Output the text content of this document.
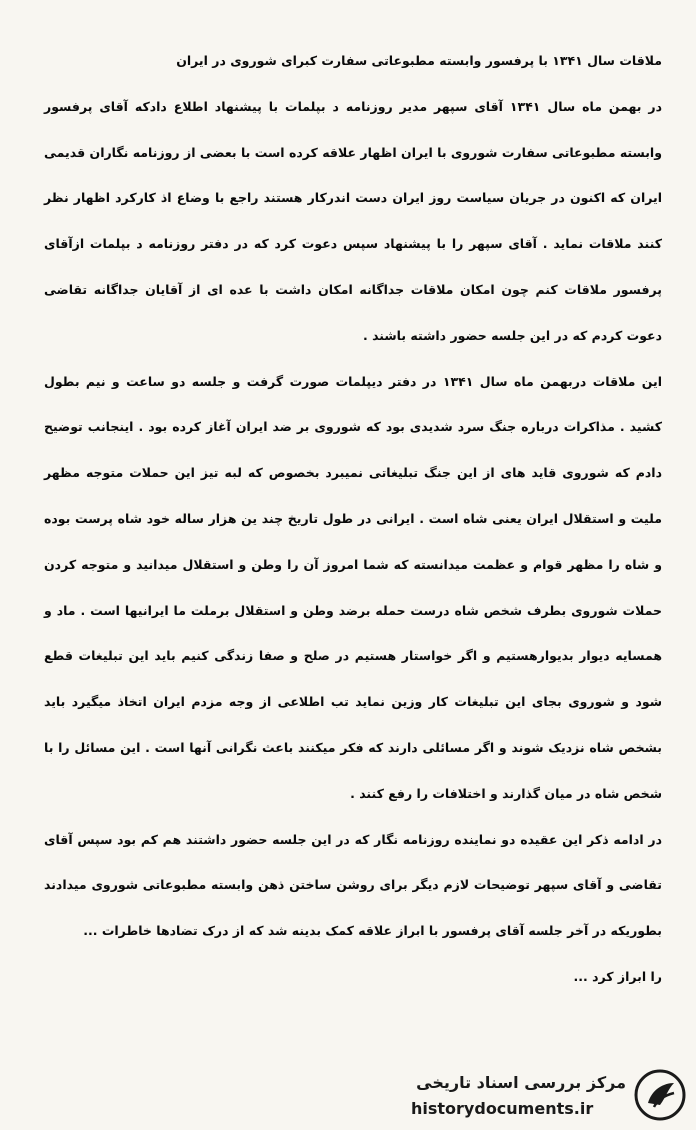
ملاقات سال ۱۳۴۱ با پرفسور وابسته مطبوعاتی سفارت کبرای شوروی در ایران

در بهمن ماه سال ۱۳۴۱ آقای سپهر مدیر روزنامه د بپلمات با پیشنهاد اطلاع دادکه آقای پرفسور وابسته مطبوعاتی سفارت شوروی با ایران اظهار علاقه کرده است با بعضی از روزنامه نگاران قدیمی ایران که اکنون در جریان سیاست روز ایران دست اندرکار هستند راجع با وضاع اذ کارکرد اظهار نظر کنند ملاقات نماید . آقای سپهر را با پیشنهاد سپس دعوت کرد که در دفتر روزنامه د بپلمات ازآقای پرفسور ملاقات کنم چون امکان ملاقات جداگانه امکان داشت با عده ای از آقایان جداگانه تقاضی دعوت کردم که در این جلسه حضور داشته باشند .

این ملاقات دربهمن ماه سال ۱۳۴۱ در دفتر دیپلمات صورت گرفت و جلسه دو ساعت و نیم بطول کشید . مذاکرات درباره جنگ سرد شدیدی بود که شوروی بر ضد ایران آغاز کرده بود . اینجانب توضیح دادم که شوروی قاید های از این جنگ تبلیغاتی نمیبرد بخصوص که لبه تیز این حملات متوجه مظهر ملیت و استقلال ایران یعنی شاه است . ایرانی در طول تاریخ چند ین هزار ساله خود شاه پرست بوده و شاه را مظهر قوام و عظمت میدانسته که شما امروز آن را وطن و استقلال میدانید و متوجه کردن حملات شوروی بطرف شخص شاه درست حمله برضد وطن و استقلال برملت ما ایرانیها است . ماد و همسایه دیوار بدیوارهستیم و اگر خواستار هستیم در صلح و صفا زندگی کنیم باید این تبلیغات قطع شود و شوروی بجای این تبلیغات کار وزین نماید تب اطلاعی از وجه مزدم ایران اتخاذ میگیرد باید بشخص شاه نزدیک شوند و اگر مسائلی دارند که فکر میکنند باعث نگرانی آنها است . این مسائل را با شخص شاه در میان گذارند و اختلافات را رفع کنند .

در ادامه ذکر این عقیده دو نماینده روزنامه نگار که در این جلسه حضور داشتند هم کم بود سپس آقای تقاضی و آقای سپهر توضیحات لازم دیگر برای روشن ساختن ذهن وابسته مطبوعاتی شوروی میدادند بطوریکه در آخر جلسه آقای پرفسور با ابراز علاقه کمک بدینه شد که از درک تضادها خاطرات ...

را ابراز کرد ...

مرکز بررسی اسناد تاریخی
historydocuments.ir
